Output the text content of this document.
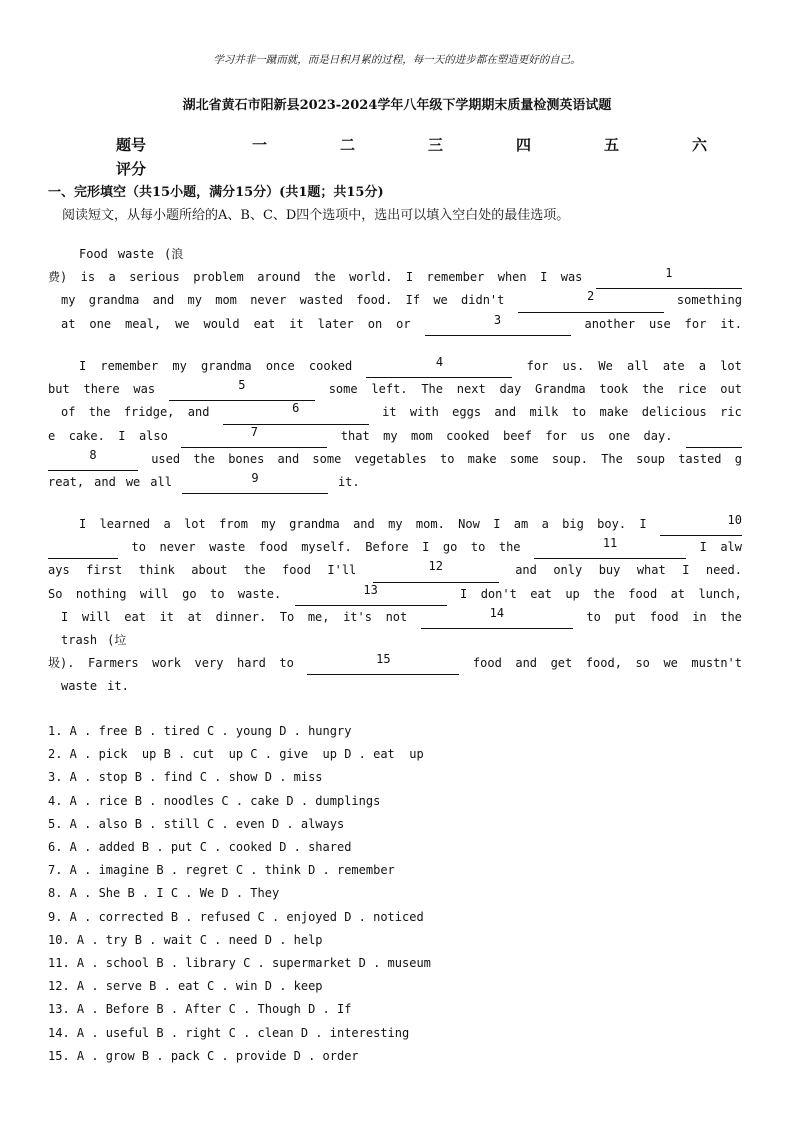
学习并非一蹴而就，而是日积月累的过程，每一天的进步都在塑造更好的自己。
湖北省黄石市阳新县2023-2024学年八年级下学期期末质量检测英语试题
题号	一	二	三	四	五	六
评分
一、完形填空（共15小题，满分15分）(共1题；共15分)
阅读短文，从每小题所给的A、B、C、D四个选项中，选出可以填入空白处的最佳选项。
Food waste (浪
费) is a serious problem around the world. I remember when I was	1
my grandma and my mom never wasted food. If we didn't	2	something
at one meal, we would eat it later on or	3	another use for it.
I remember my grandma once cooked	4	for us. We all ate a lot
but there was	5	some left. The next day Grandma took the rice out
of the fridge, and	6	it with eggs and milk to make delicious ric
e cake. I also	7	that my mom cooked beef for us one day.
8	used the bones and some vegetables to make some soup. The soup tasted g
reat, and we all	9	it.
I learned a lot from my grandma and my mom. Now I am a big boy. I	10
to never waste food myself. Before I go to the	11	I alw
ays first think about the food I'll	12	and only buy what I need.
So nothing will go to waste.	13	I don't eat up the food at lunch,
I will eat it at dinner. To me, it's not	14	to put food in the
trash (垃
圾). Farmers work very hard to	15	food and get food, so we mustn't
waste it.
1. A . free B . tired C . young D . hungry
2. A . pick  up B . cut  up C . give  up D . eat  up
3. A . stop B . find C . show D . miss
4. A . rice B . noodles C . cake D . dumplings
5. A . also B . still C . even D . always
6. A . added B . put C . cooked D . shared
7. A . imagine B . regret C . think D . remember
8. A . She B . I C . We D . They
9. A . corrected B . refused C . enjoyed D . noticed
10. A . try B . wait C . need D . help
11. A . school B . library C . supermarket D . museum
12. A . serve B . eat C . win D . keep
13. A . Before B . After C . Though D . If
14. A . useful B . right C . clean D . interesting
15. A . grow B . pack C . provide D . order
